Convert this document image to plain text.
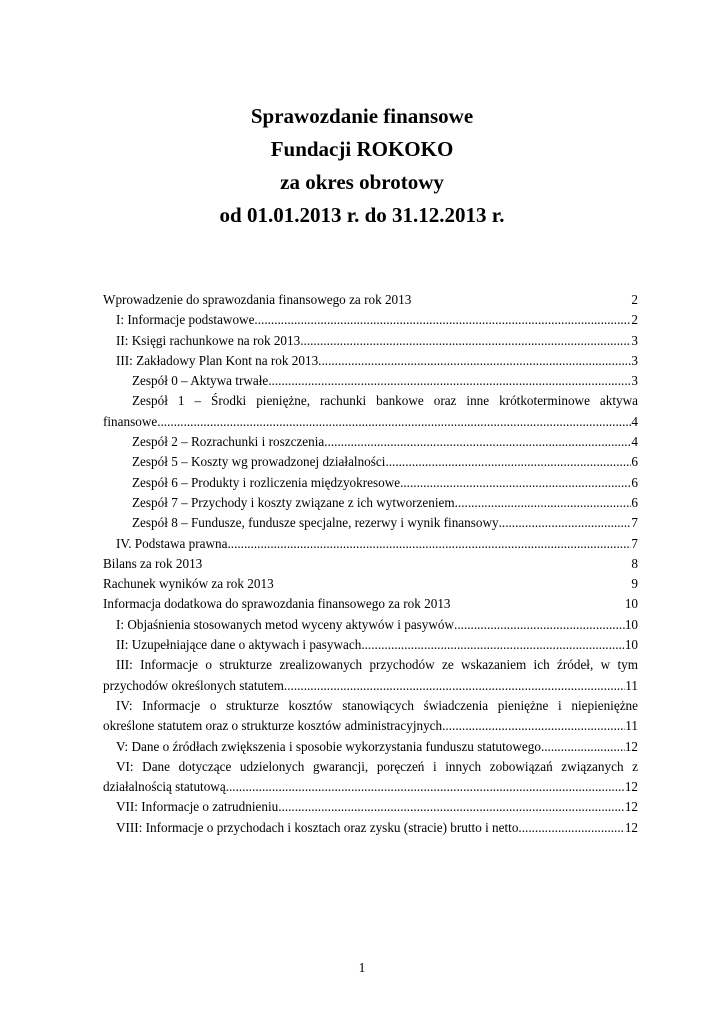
Sprawozdanie finansowe
Fundacji ROKOKO
za okres obrotowy
od 01.01.2013 r. do 31.12.2013 r.
Wprowadzenie do sprawozdania finansowego za rok 2013	2
I: Informacje podstawowe .....	2
II: Księgi rachunkowe na rok 2013 .....	3
III: Zakładowy Plan Kont na rok 2013 .....	3
Zespół 0 – Aktywa trwałe .....	3
Zespół 1 – Środki pieniężne, rachunki bankowe oraz inne krótkoterminowe aktywa
finansowe .....	4
Zespół 2 – Rozrachunki i roszczenia .....	4
Zespół 5 – Koszty wg prowadzonej działalności .....	6
Zespół 6 – Produkty i rozliczenia międzyokresowe .....	6
Zespół 7 – Przychody i koszty związane z ich wytworzeniem .....	6
Zespół 8 – Fundusze, fundusze specjalne, rezerwy i wynik finansowy .....	7
IV. Podstawa prawna .....	7
Bilans za rok 2013	8
Rachunek wyników za rok 2013	9
Informacja dodatkowa do sprawozdania finansowego za rok 2013	10
I: Objaśnienia stosowanych metod wyceny aktywów i pasywów .....	10
II: Uzupełniające dane o aktywach i pasywach .....	10
III: Informacje o strukturze zrealizowanych przychodów ze wskazaniem ich źródeł, w tym
przychodów określonych statutem .....	11
IV: Informacje o strukturze kosztów stanowiących świadczenia pieniężne i niepieniężne
określone statutem oraz o strukturze kosztów administracyjnych .....	11
V: Dane o źródłach zwiększenia i sposobie wykorzystania funduszu statutowego .....	12
VI: Dane dotyczące udzielonych gwarancji, poręczeń i innych zobowiązań związanych z
działalnością statutową .....	12
VII: Informacje o zatrudnieniu .....	12
VIII: Informacje o przychodach i kosztach oraz zysku (stracie) brutto i netto .....	12
1
